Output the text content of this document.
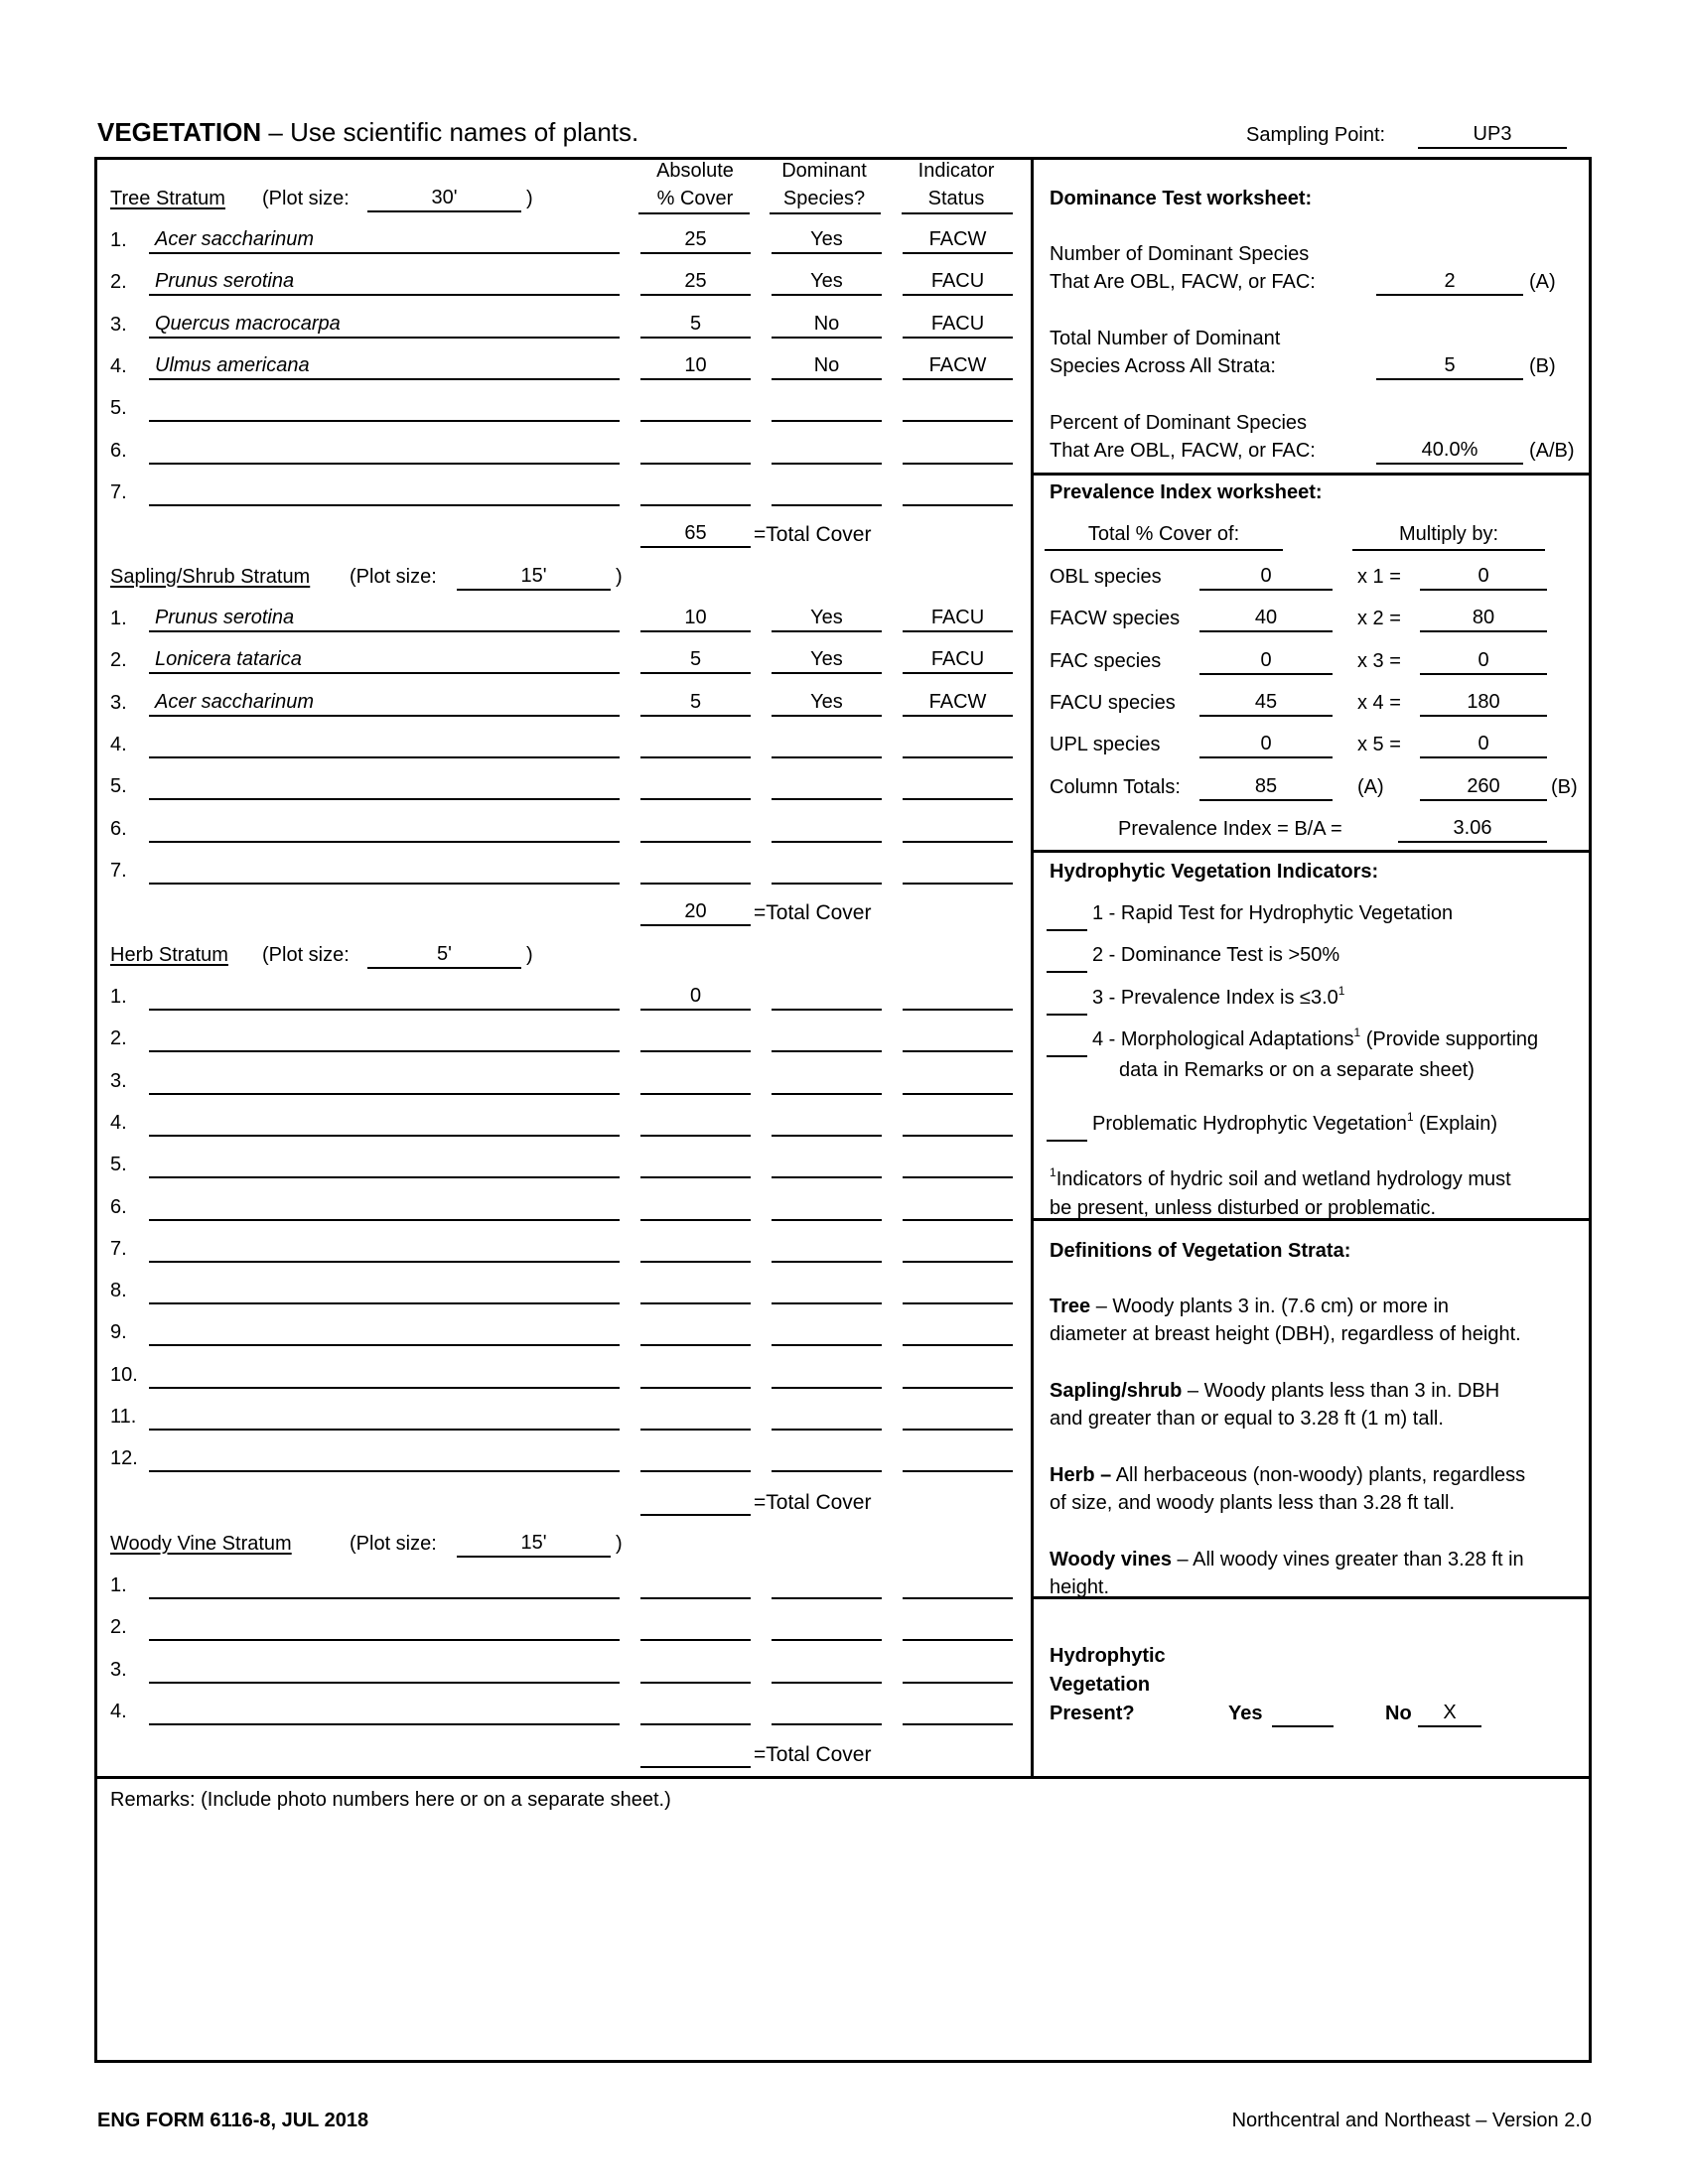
VEGETATION – Use scientific names of plants.	Sampling Point:	UP3
Absolute
% Cover
Dominant
Species?
Indicator
Status
Tree Stratum (Plot size:	30'	)
1. Acer saccharinum	25	Yes	FACW
2. Prunus serotina	25	Yes	FACU
3. Quercus macrocarpa	5	No	FACU
4. Ulmus americana	10	No	FACW
5.
6.
7.
65	=Total Cover
Sapling/Shrub Stratum (Plot size:	15'	)
1. Prunus serotina	10	Yes	FACU
2. Lonicera tatarica	5	Yes	FACU
3. Acer saccharinum	5	Yes	FACW
4.
5.
6.
7.
20	=Total Cover
Herb Stratum (Plot size:	5'	)
1.	0
2.
3.
4.
5.
6.
7.
8.
9.
10.
11.
12.
=Total Cover
Woody Vine Stratum	(Plot size:	15'	)
1.
2.
3.
4.
=Total Cover
Dominance Test worksheet:
Number of Dominant Species
That Are OBL, FACW, or FAC:	2	(A)
Total Number of Dominant
Species Across All Strata:	5	(B)
Percent of Dominant Species
That Are OBL, FACW, or FAC:	40.0%	(A/B)
Prevalence Index worksheet:
Total % Cover of:	Multiply by:
OBL species	0	x 1 =	0
FACW species	40	x 2 =	80
FAC species	0	x 3 =	0
FACU species	45	x 4 =	180
UPL species	0	x 5 =	0
Column Totals:	85	(A)	260	(B)
Prevalence Index = B/A =	3.06
Hydrophytic Vegetation Indicators:
1 - Rapid Test for Hydrophytic Vegetation
2 - Dominance Test is >50%
3 - Prevalence Index is $\le 3.0^1$
4 - Morphological Adaptations$^1$ (Provide supporting
data in Remarks or on a separate sheet)
Problematic Hydrophytic Vegetation$^1$ (Explain)
$^1$Indicators of hydric soil and wetland hydrology must
be present, unless disturbed or problematic.
Definitions of Vegetation Strata:
Tree – Woody plants 3 in. (7.6 cm) or more in
diameter at breast height (DBH), regardless of height.
Sapling/shrub – Woody plants less than 3 in. DBH
and greater than or equal to 3.28 ft (1 m) tall.
Herb – All herbaceous (non-woody) plants, regardless
of size, and woody plants less than 3.28 ft tall.
Woody vines – All woody vines greater than 3.28 ft in
height.
Hydrophytic
Vegetation
Present?	Yes	No	X
Remarks: (Include photo numbers here or on a separate sheet.)
ENG FORM 6116-8, JUL 2018	Northcentral and Northeast – Version 2.0
